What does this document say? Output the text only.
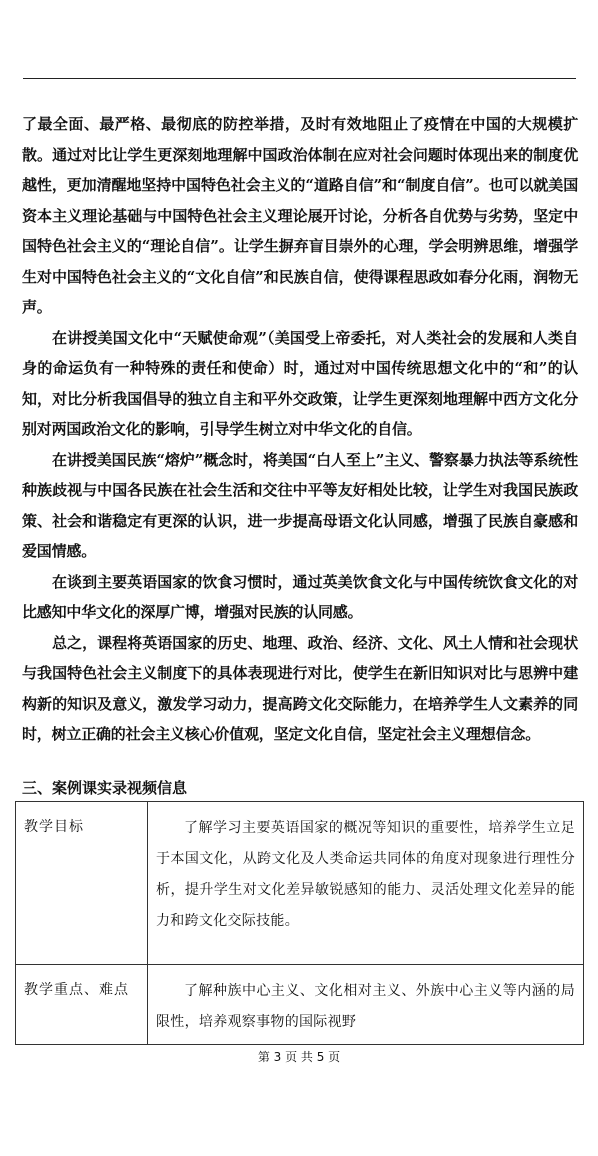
了最全面、最严格、最彻底的防控举措，及时有效地阻止了疫情在中国的大规模扩散。通过对比让学生更深刻地理解中国政治体制在应对社会问题时体现出来的制度优越性，更加清醒地坚持中国特色社会主义的“道路自信”和“制度自信”。也可以就美国资本主义理论基础与中国特色社会主义理论展开讨论，分析各自优势与劣势，坚定中国特色社会主义的“理论自信”。让学生摒弃盲目崇外的心理，学会明辨思维，增强学生对中国特色社会主义的“文化自信”和民族自信，使得课程思政如春分化雨，润物无声。

在讲授美国文化中“天赋使命观”（美国受上帝委托，对人类社会的发展和人类自身的命运负有一种特殊的责任和使命）时，通过对中国传统思想文化中的“和”的认知，对比分析我国倡导的独立自主和平外交政策，让学生更深刻地理解中西方文化分别对两国政治文化的影响，引导学生树立对中华文化的自信。

在讲授美国民族“熔炉”概念时，将美国“白人至上”主义、警察暴力执法等系统性种族歧视与中国各民族在社会生活和交往中平等友好相处比较，让学生对我国民族政策、社会和谐稳定有更深的认识，进一步提高母语文化认同感，增强了民族自豪感和爱国情感。

在谈到主要英语国家的饮食习惯时，通过英美饮食文化与中国传统饮食文化的对比感知中华文化的深厚广博，增强对民族的认同感。

总之，课程将英语国家的历史、地理、政治、经济、文化、风土人情和社会现状与我国特色社会主义制度下的具体表现进行对比，使学生在新旧知识对比与思辨中建构新的知识及意义，激发学习动力，提高跨文化交际能力，在培养学生人文素养的同时，树立正确的社会主义核心价值观，坚定文化自信，坚定社会主义理想信念。

三、案例课实录视频信息

教学目标	了解学习主要英语国家的概况等知识的重要性，培养学生立足于本国文化，从跨文化及人类命运共同体的角度对现象进行理性分析，提升学生对文化差异敏锐感知的能力、灵活处理文化差异的能力和跨文化交际技能。

教学重点、难点	了解种族中心主义、文化相对主义、外族中心主义等内涵的局限性，培养观察事物的国际视野

第 3 页 共 5 页
